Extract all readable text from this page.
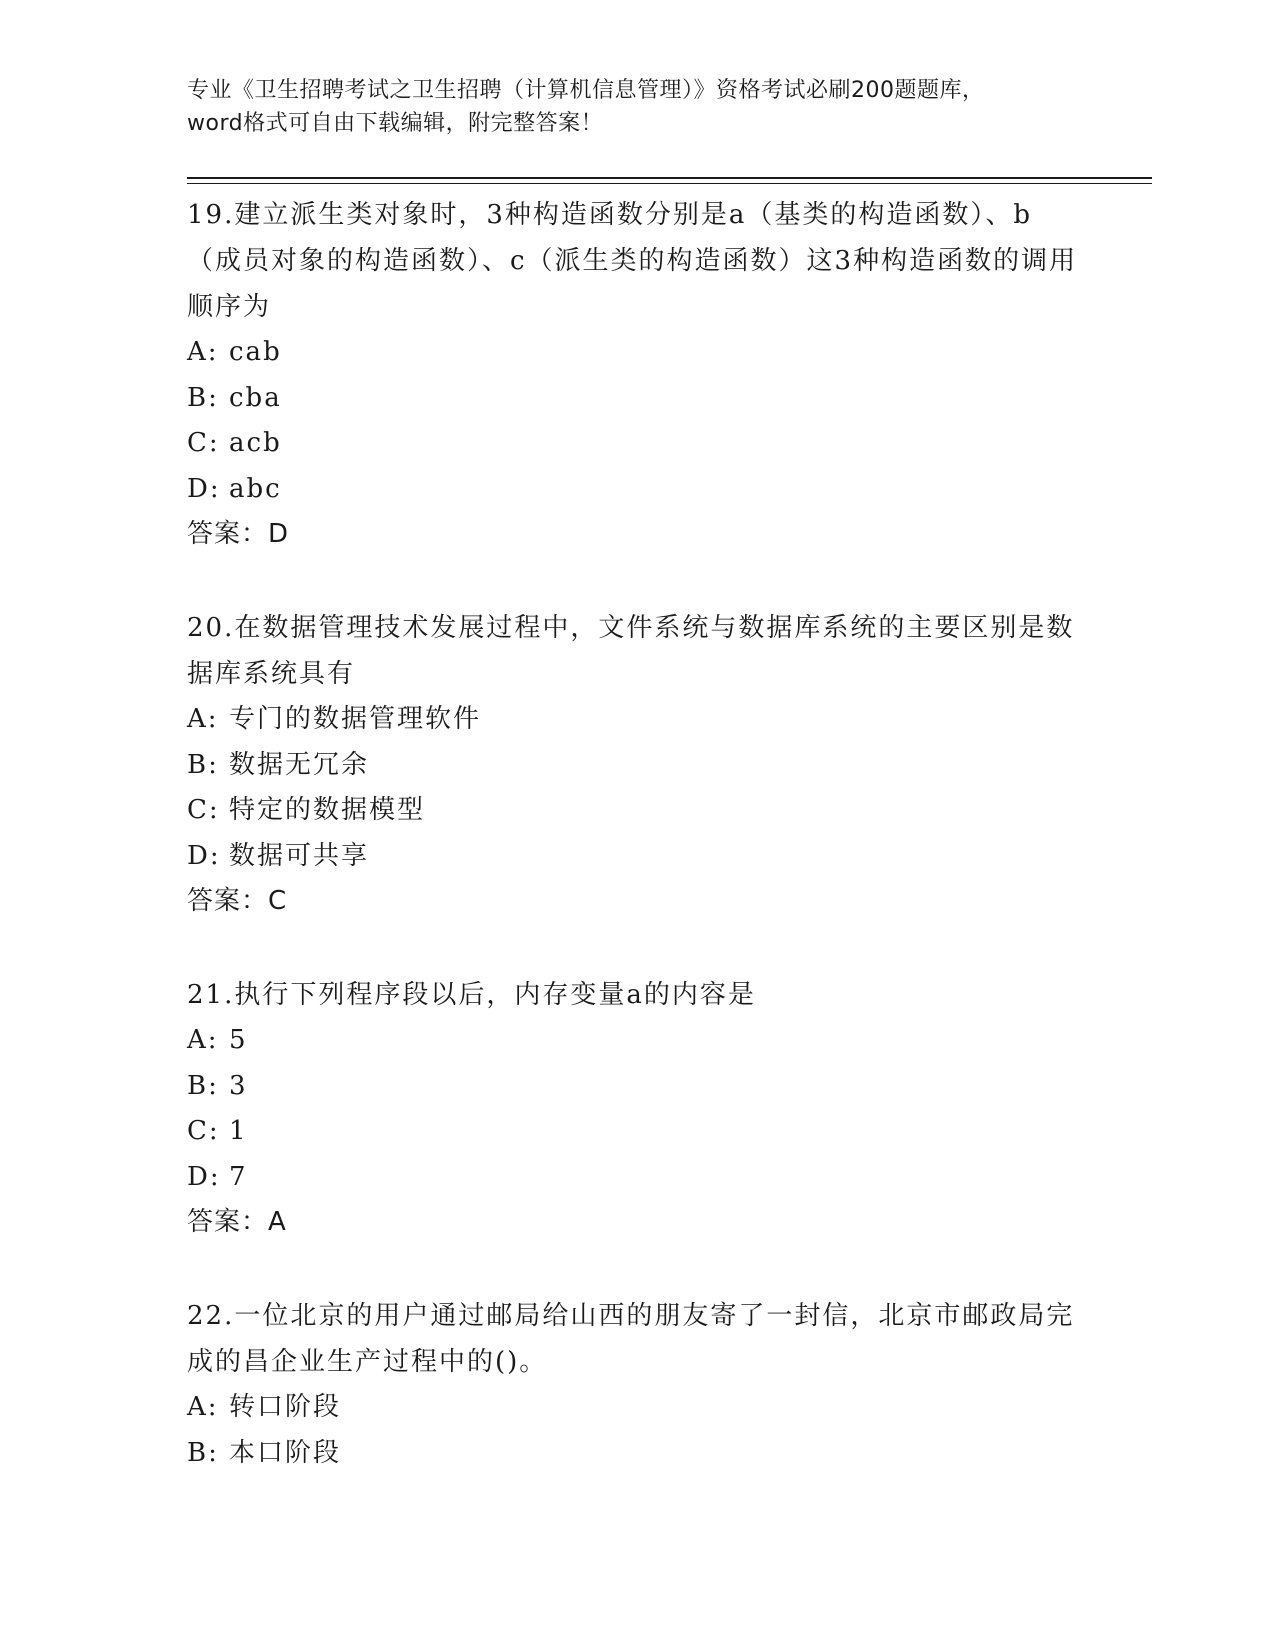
专业《卫生招聘考试之卫生招聘（计算机信息管理）》资格考试必刷200题题库，
word格式可自由下载编辑，附完整答案！

19.建立派生类对象时，3种构造函数分别是a（基类的构造函数）、b（成员对象的构造函数）、c（派生类的构造函数）这3种构造函数的调用顺序为

A: cab

B: cba

C: acb

D: abc

答案：D

20.在数据管理技术发展过程中，文件系统与数据库系统的主要区别是数据库系统具有

A: 专门的数据管理软件

B: 数据无冗余

C: 特定的数据模型

D: 数据可共享

答案：C

21.执行下列程序段以后，内存变量a的内容是

A: 5

B: 3

C: 1

D: 7

答案：A

22.一位北京的用户通过邮局给山西的朋友寄了一封信，北京市邮政局完成的昌企业生产过程中的()。

A: 转口阶段

B: 本口阶段
